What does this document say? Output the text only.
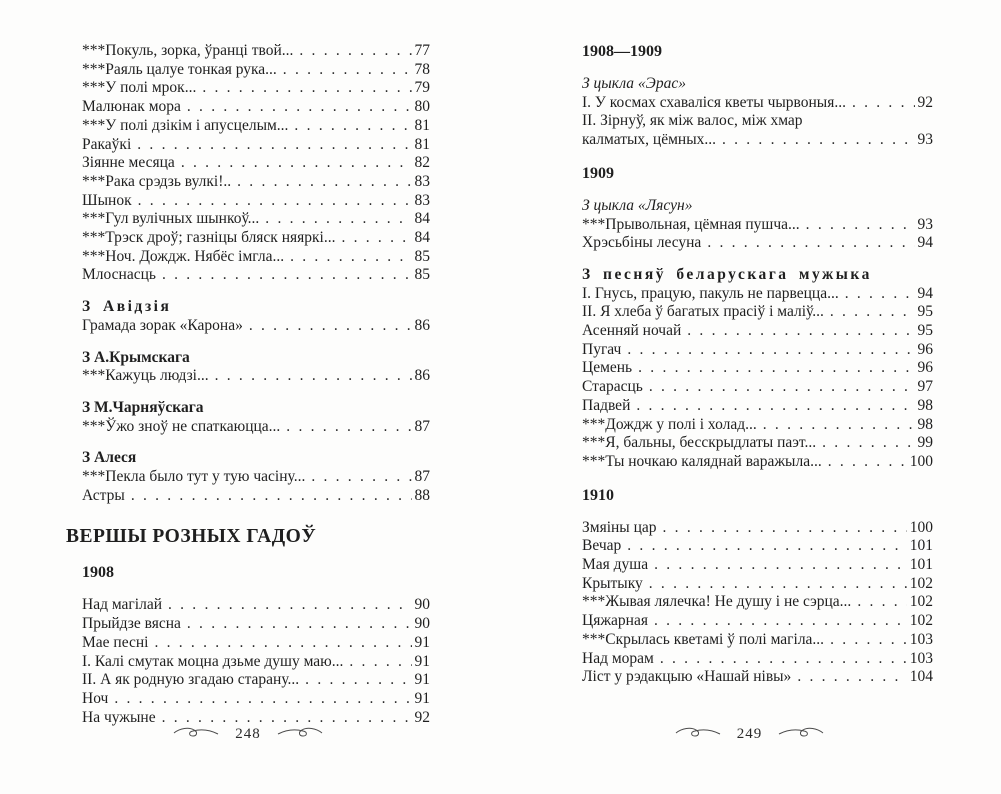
***Покуль, зорка, ўранці твой... . . .	77
***Раяль цалуе тонкая рука... . . .	78
***У полі мрок... . . .	79
Малюнак мора . . .	80
***У полі дзікім і апусцелым... . . .	81
Ракаўкі . . .	81
Зіянне месяца . . .	82
***Рака срэдзь вулкі!.. . . .	83
Шынок . . .	83
***Гул вулічных шынкоў... . . .	84
***Трэск дроў; газніцы бляск няяркі... . . .	84
***Ноч. Дождж. Нябёс імгла... . . .	85
Млоснасць . . .	85
З Авідзія
Грамада зорак «Карона» . . .	86
З А.Крымскага
***Кажуць людзі... . . .	86
З М.Чарняўскага
***Ўжо зноў не спаткаюцца... . . .	87
З Алеся
***Пекла было тут у тую часіну... . . .	87
Астры . . .	88
ВЕРШЫ РОЗНЫХ ГАДОЎ
1908
Над магілай . . .	90
Прыйдзе вясна . . .	90
Мае песні . . .	91
І. Калі смутак моцна дзьме душу маю... . . .	91
ІІ. А як родную згадаю старану... . . .	91
Ноч . . .	91
На чужыне . . .	92
1908—1909
З цыкла «Эрас»
І. У космах схаваліся кветы чырвоныя... . . .	92
ІІ. Зірнуў, як між валос, між хмар
калматых, цёмных... . . .	93
1909
З цыкла «Лясун»
***Прывольная, цёмная пушча... . . .	93
Хрэсьбіны лесуна . . .	94
З песняў беларускага мужыка
І. Гнусь, працую, пакуль не парвецца... . . .	94
ІІ. Я хлеба ў багатых прасіў і маліў... . . .	95
Асенняй ночай . . .	95
Пугач . . .	96
Цемень . . .	96
Старасць . . .	97
Падвей . . .	98
***Дождж у полі і холад... . . .	98
***Я, бальны, бесскрыдлаты паэт... . . .	99
***Ты ночкаю каляднай варажыла... . . .	100
1910
Змяіны цар . . .	100
Вечар . . .	101
Мая душа . . .	101
Крытыку . . .	102
***Жывая лялечка! Не душу і не сэрца... . . .	102
Цяжарная . . .	102
***Скрылась кветамі ў полі магіла... . . .	103
Над морам . . .	103
Ліст у рэдакцыю «Нашай нівы» . . .	104
248	249
